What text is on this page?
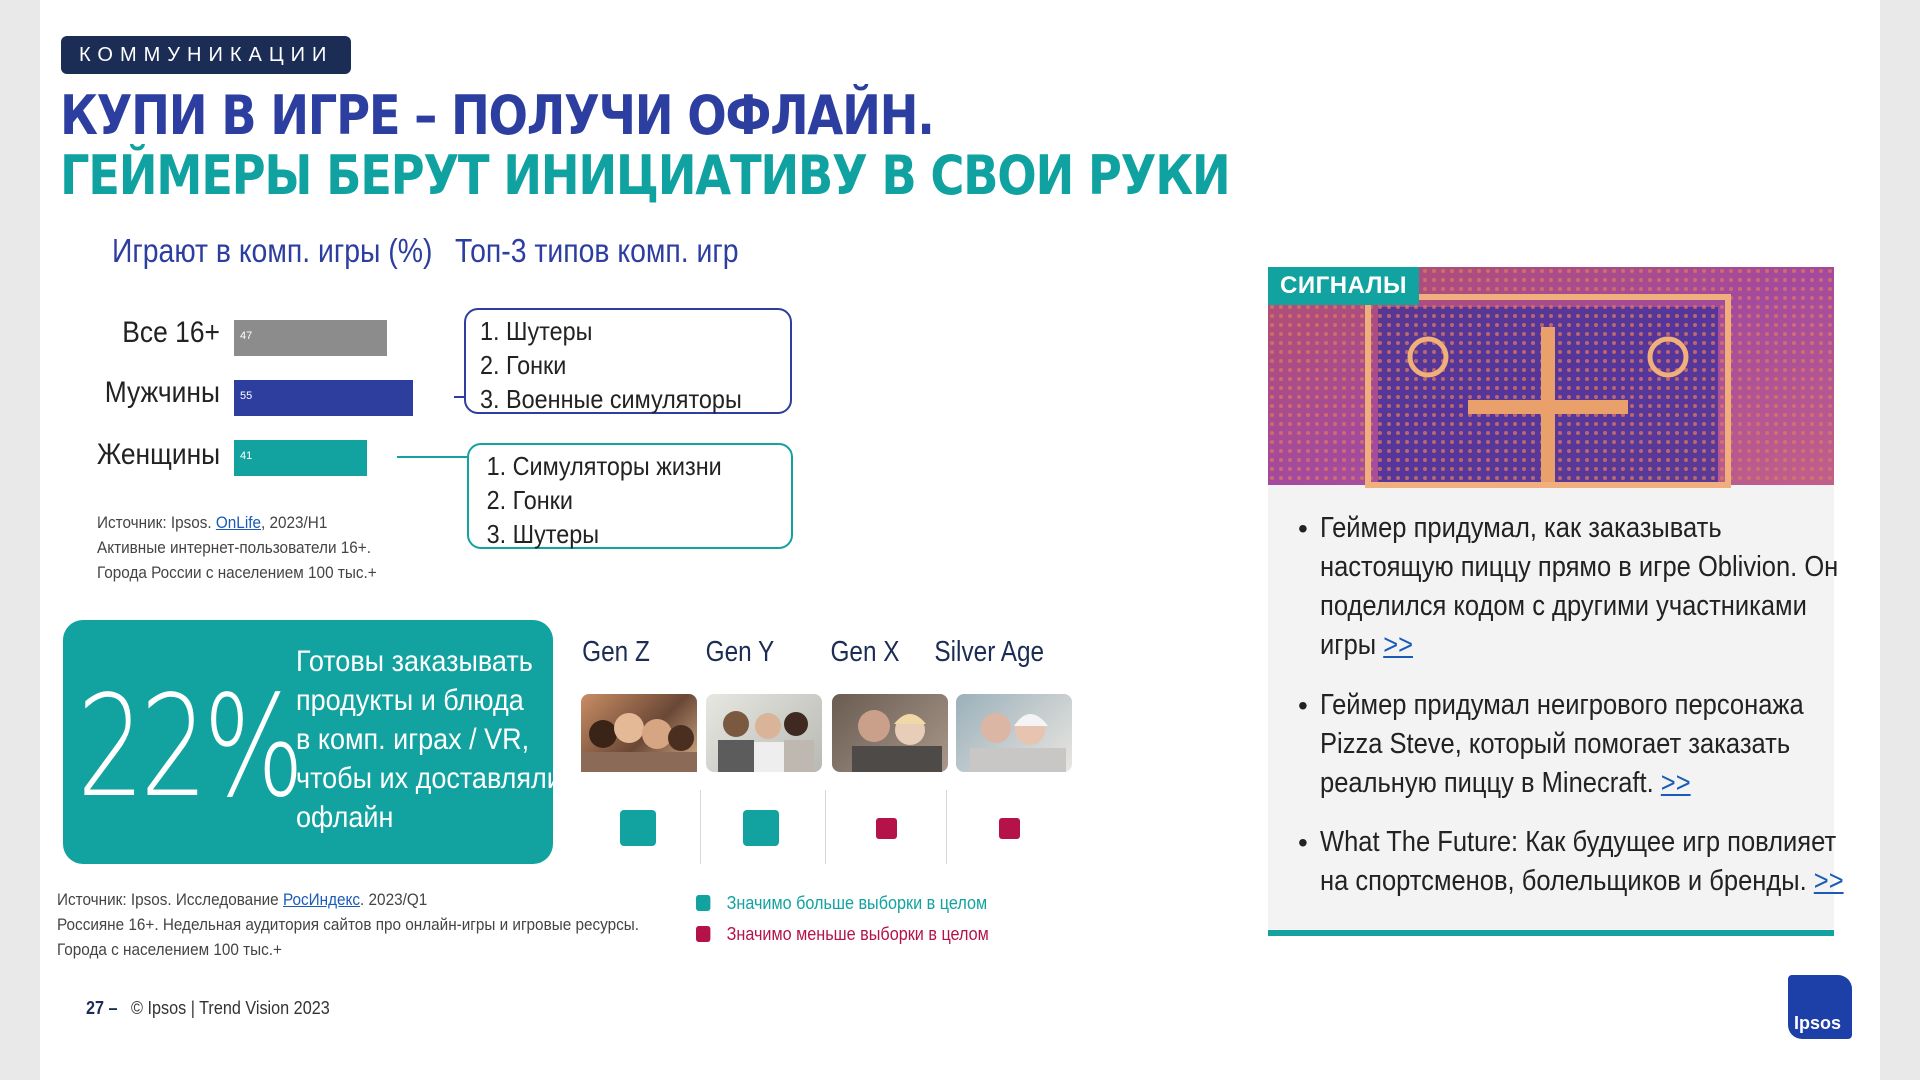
КОММУНИКАЦИИ
КУПИ В ИГРЕ – ПОЛУЧИ ОФЛАЙН.
ГЕЙМЕРЫ БЕРУТ ИНИЦИАТИВУ В СВОИ РУКИ
Играют в комп. игры (%) Топ-3 типов комп. игр
Все 16+
Мужчины
Женщины
47
55
41
1. Шутеры
2. Гонки
3. Военные симуляторы
1. Симуляторы жизни
2. Гонки
3. Шутеры
Источник: Ipsos. OnLife, 2023/H1
Активные интернет-пользователи 16+.
Города России с населением 100 тыс.+
22%
Готовы заказывать
продукты и блюда
в комп. играх / VR,
чтобы их доставляли
офлайн
Gen Z	Gen Y	Gen X	Silver Age
Значимо больше выборки в целом
Значимо меньше выборки в целом
Источник: Ipsos. Исследование РосИндекс. 2023/Q1
Россияне 16+. Недельная аудитория сайтов про онлайн-игры и игровые ресурсы.
Города с населением 100 тыс.+
27 – © Ipsos | Trend Vision 2023
СИГНАЛЫ
• Геймер придумал, как заказывать
настоящую пиццу прямо в игре Oblivion. Он
поделился кодом с другими участниками
игры >>
• Геймер придумал неигрового персонажа
Pizza Steve, который помогает заказать
реальную пиццу в Minecraft. >>
• What The Future: Как будущее игр повлияет
на спортсменов, болельщиков и бренды. >>
Ipsos
